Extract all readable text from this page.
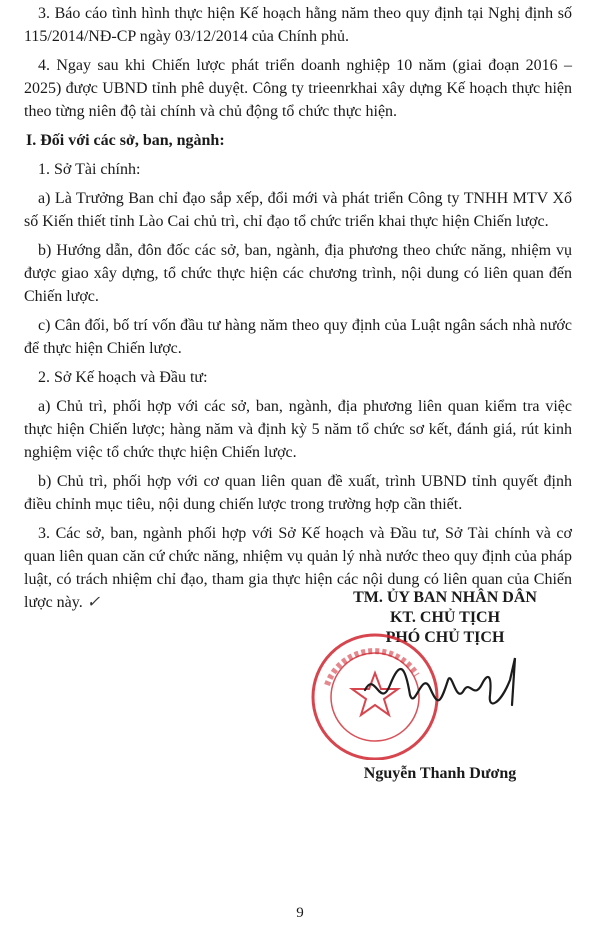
3. Báo cáo tình hình thực hiện Kế hoạch hằng năm theo quy định tại Nghị định số 115/2014/NĐ-CP ngày 03/12/2014 của Chính phủ.

4. Ngay sau khi Chiến lược phát triển doanh nghiệp 10 năm (giai đoạn 2016 – 2025) được UBND tỉnh phê duyệt. Công ty trieenrkhai xây dựng Kế hoạch thực hiện theo từng niên độ tài chính và chủ động tổ chức thực hiện.

I. Đối với các sở, ban, ngành:

1. Sở Tài chính:

a) Là Trưởng Ban chỉ đạo sắp xếp, đổi mới và phát triển Công ty TNHH MTV Xổ số Kiến thiết tỉnh Lào Cai chủ trì, chỉ đạo tổ chức triển khai thực hiện Chiến lược.

b) Hướng dẫn, đôn đốc các sở, ban, ngành, địa phương theo chức năng, nhiệm vụ được giao xây dựng, tổ chức thực hiện các chương trình, nội dung có liên quan đến Chiến lược.

c) Cân đối, bố trí vốn đầu tư hàng năm theo quy định của Luật ngân sách nhà nước để thực hiện Chiến lược.

2. Sở Kế hoạch và Đầu tư:

a) Chủ trì, phối hợp với các sở, ban, ngành, địa phương liên quan kiểm tra việc thực hiện Chiến lược; hàng năm và định kỳ 5 năm tổ chức sơ kết, đánh giá, rút kinh nghiệm việc tổ chức thực hiện Chiến lược.

b) Chủ trì, phối hợp với cơ quan liên quan đề xuất, trình UBND tỉnh quyết định điều chỉnh mục tiêu, nội dung chiến lược trong trường hợp cần thiết.

3. Các sở, ban, ngành phối hợp với Sở Kế hoạch và Đầu tư, Sở Tài chính và cơ quan liên quan căn cứ chức năng, nhiệm vụ quản lý nhà nước theo quy định của pháp luật, có trách nhiệm chỉ đạo, tham gia thực hiện các nội dung có liên quan của Chiến lược này. ✓	TM. ỦY BAN NHÂN DÂN
KT. CHỦ TỊCH
PHÓ CHỦ TỊCH
Nguyễn Thanh Dương
9
